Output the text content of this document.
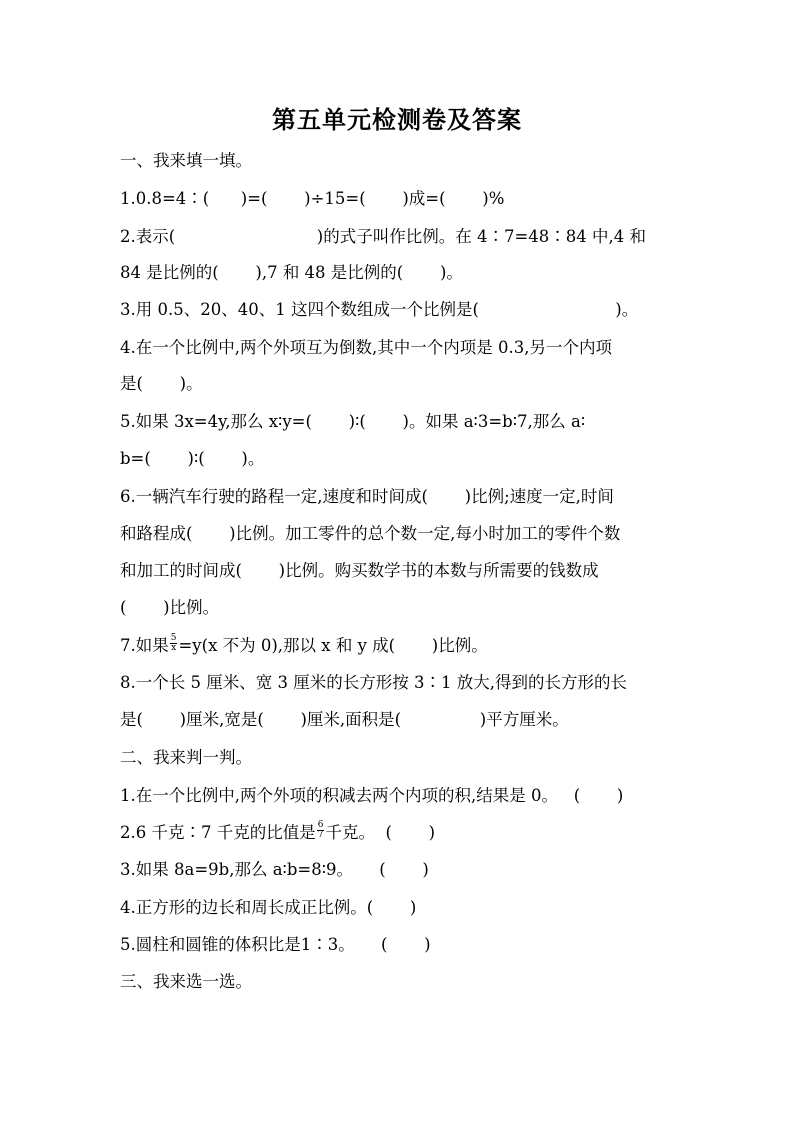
第五单元检测卷及答案
一、我来填一填。
1.0.8=4∶(      )=(       )÷15=(       )成=(       )%
2.表示(                           )的式子叫作比例。在 4∶7=48∶84 中,4 和
84 是比例的(       ),7 和 48 是比例的(       )。
3.用 0.5、20、40、1 这四个数组成一个比例是(                          )。
4.在一个比例中,两个外项互为倒数,其中一个内项是 0.3,另一个内项
是(       )。
5.如果 3x=4y,那么 x∶y=(       )∶(       )。如果 a∶3=b∶7,那么 a∶
b=(       )∶(       )。
6.一辆汽车行驶的路程一定,速度和时间成(       )比例;速度一定,时间
和路程成(       )比例。加工零件的总个数一定,每小时加工的零件个数
和加工的时间成(       )比例。购买数学书的本数与所需要的钱数成
(       )比例。
7.如果 $\frac{5}{x} =y(x$ 不为 0),那以 x 和 y 成(       )比例。
8.一个长 5 厘米、宽 3 厘米的长方形按 3∶1 放大,得到的长方形的长
是(       )厘米,宽是(       )厘米,面积是(               )平方厘米。
二、我来判一判。
1.在一个比例中,两个外项的积减去两个内项的积,结果是 0。   (       )
2.6 千克∶7 千克的比值是 $\frac{6}{7}$ 千克。  (       )
3.如果 8a=9b,那么 a∶b=8∶9。     (       )
4.正方形的边长和周长成正比例。(       )
5.圆柱和圆锥的体积比是1∶3。     (       )
三、我来选一选。
